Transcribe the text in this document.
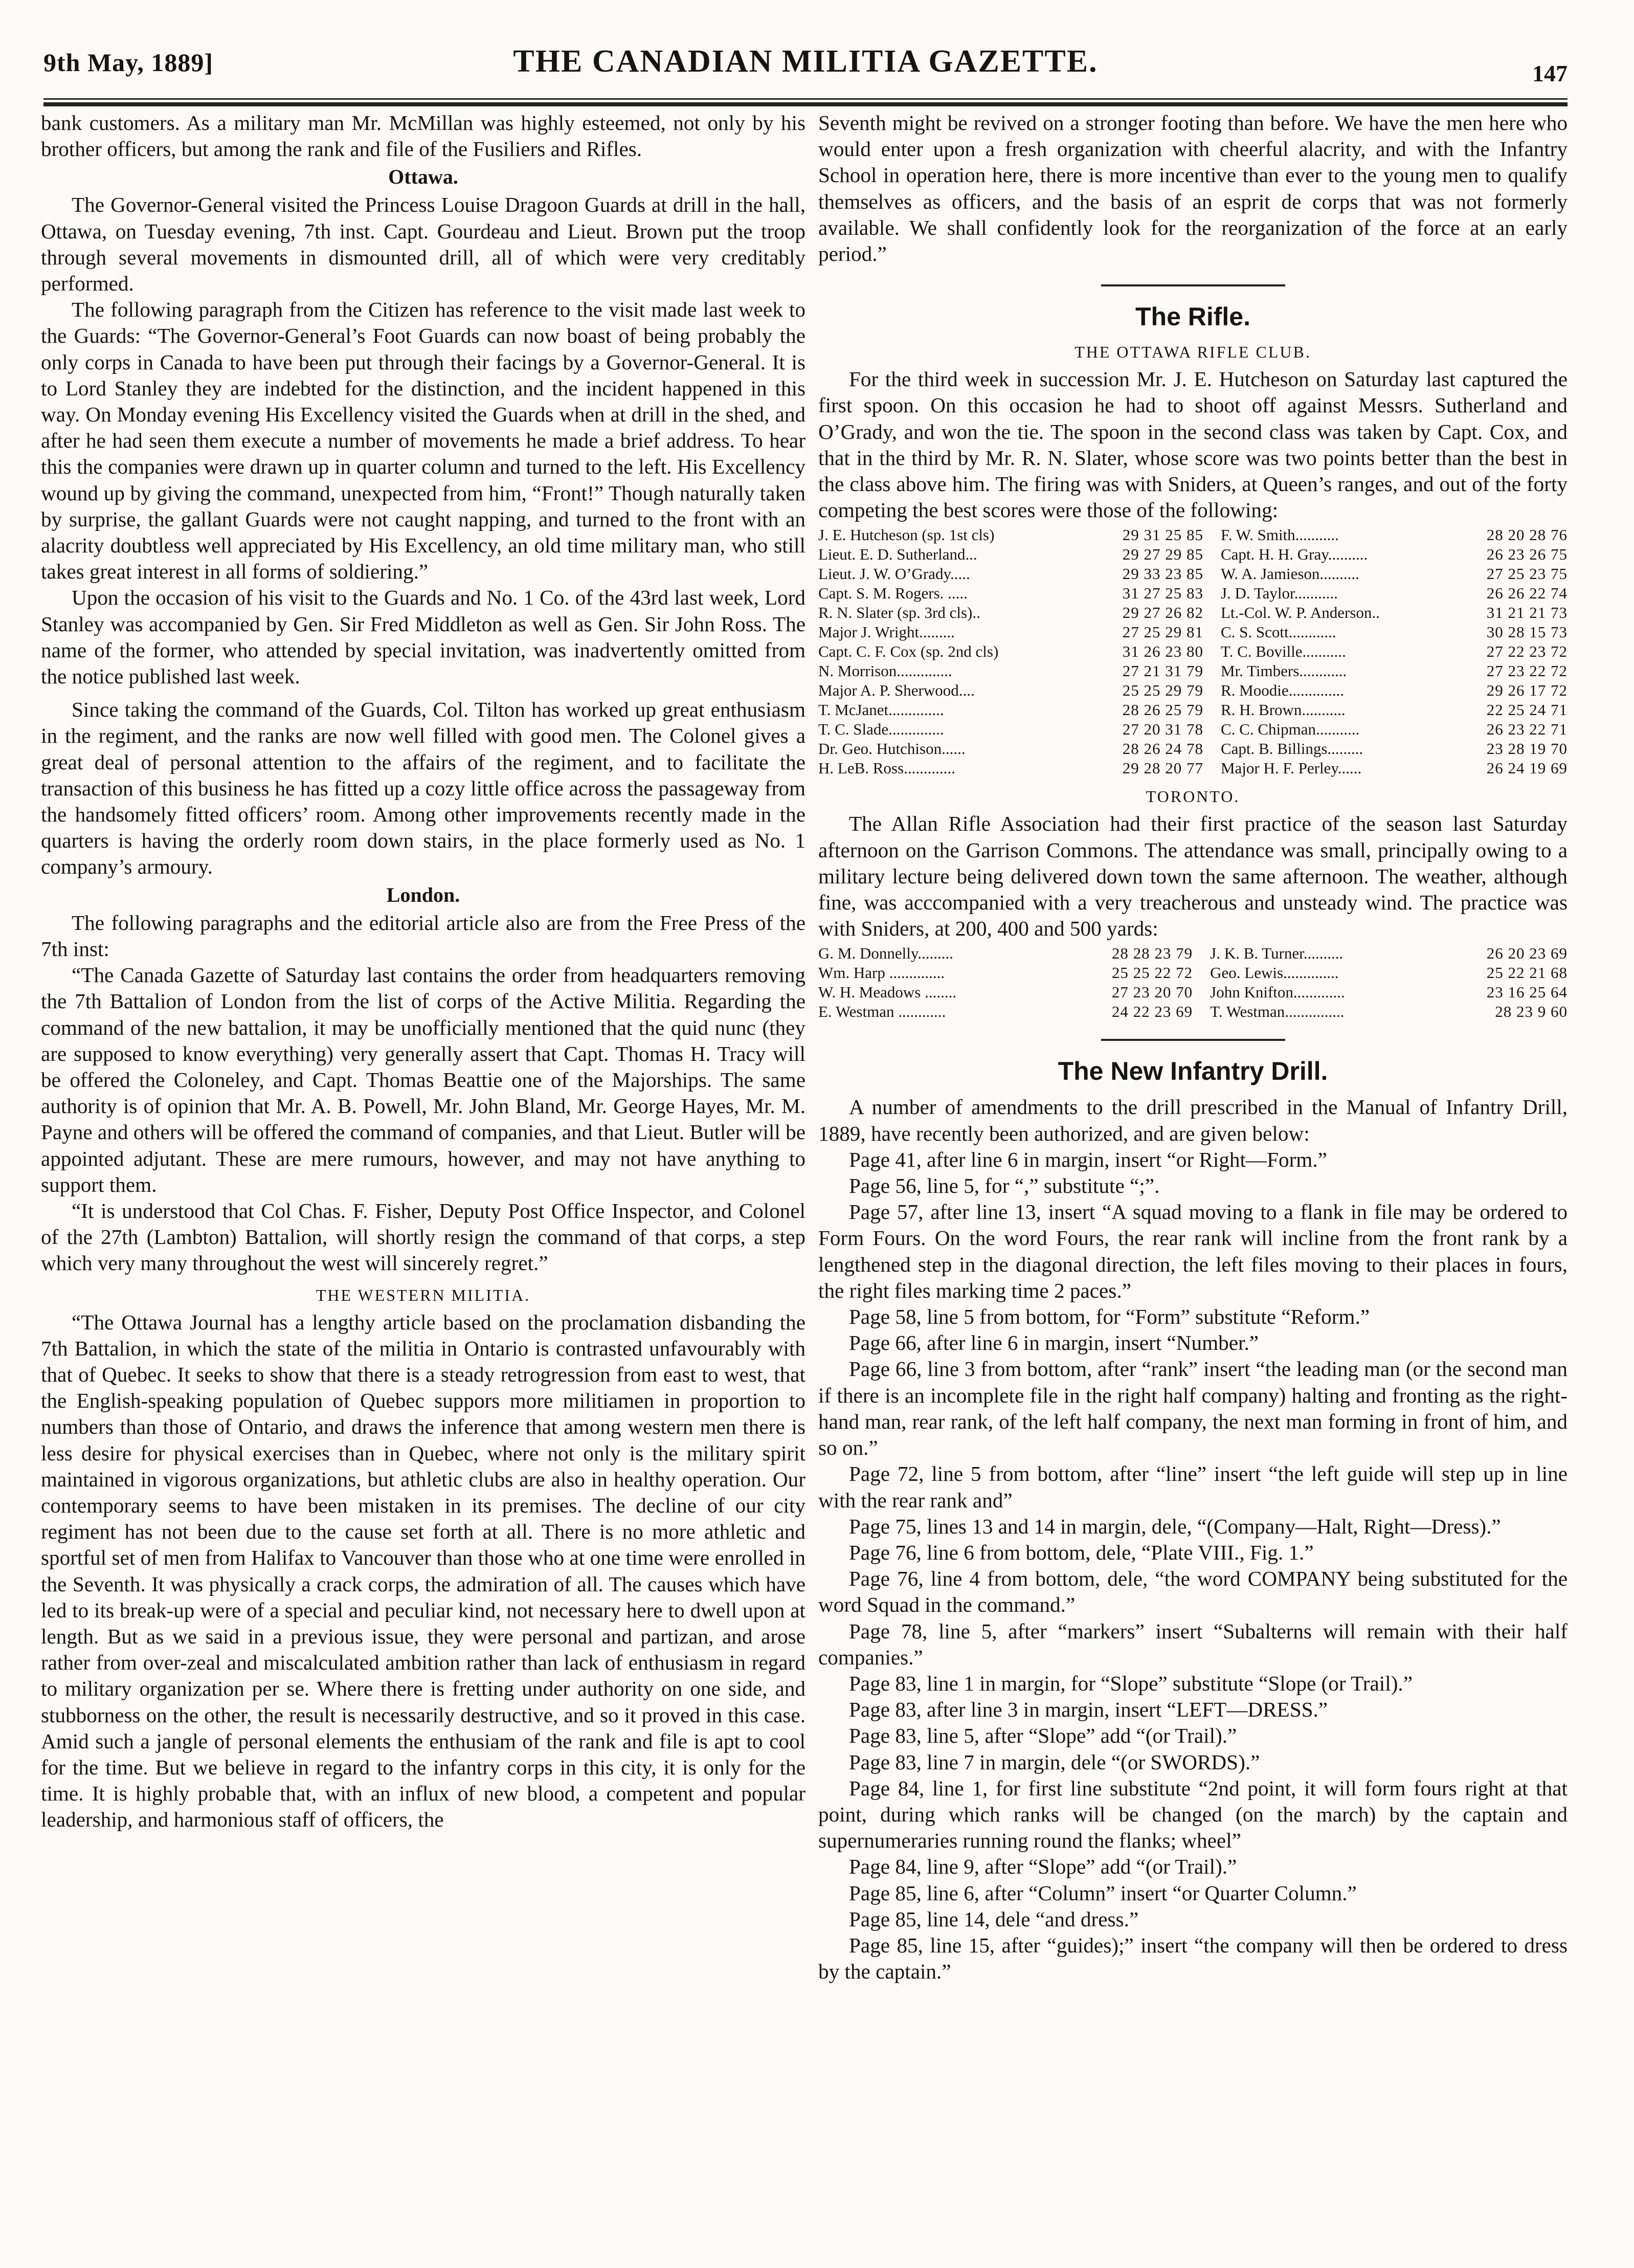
9th May, 1889]	THE CANADIAN MILITIA GAZETTE.	147

bank customers. As a military man Mr. McMillan was highly esteemed, not only by his brother officers, but among the rank and file of the Fusiliers and Rifles.

Ottawa.

The Governor-General visited the Princess Louise Dragoon Guards at drill in the hall, Ottawa, on Tuesday evening, 7th inst. Capt. Gourdeau and Lieut. Brown put the troop through several movements in dismounted drill, all of which were very creditably performed.

The following paragraph from the Citizen has reference to the visit made last week to the Guards: “The Governor-General’s Foot Guards can now boast of being probably the only corps in Canada to have been put through their facings by a Governor-General. It is to Lord Stanley they are indebted for the distinction, and the incident happened in this way. On Monday evening His Excellency visited the Guards when at drill in the shed, and after he had seen them execute a number of movements he made a brief address. To hear this the companies were drawn up in quarter column and turned to the left. His Excellency wound up by giving the command, unexpected from him, “Front!” Though naturally taken by surprise, the gallant Guards were not caught napping, and turned to the front with an alacrity doubtless well appreciated by His Excellency, an old time military man, who still takes great interest in all forms of soldiering.”

Upon the occasion of his visit to the Guards and No. 1 Co. of the 43rd last week, Lord Stanley was accompanied by Gen. Sir Fred Middleton as well as Gen. Sir John Ross. The name of the former, who attended by special invitation, was inadvertently omitted from the notice published last week.

Since taking the command of the Guards, Col. Tilton has worked up great enthusiasm in the regiment, and the ranks are now well filled with good men. The Colonel gives a great deal of personal attention to the affairs of the regiment, and to facilitate the transaction of this business he has fitted up a cozy little office across the passageway from the handsomely fitted officers’ room. Among other improvements recently made in the quarters is having the orderly room down stairs, in the place formerly used as No. 1 company’s armoury.

London.

The following paragraphs and the editorial article also are from the Free Press of the 7th inst:

“The Canada Gazette of Saturday last contains the order from headquarters removing the 7th Battalion of London from the list of corps of the Active Militia. Regarding the command of the new battalion, it may be unofficially mentioned that the quid nunc (they are supposed to know everything) very generally assert that Capt. Thomas H. Tracy will be offered the Coloneley, and Capt. Thomas Beattie one of the Majorships. The same authority is of opinion that Mr. A. B. Powell, Mr. John Bland, Mr. George Hayes, Mr. M. Payne and others will be offered the command of companies, and that Lieut. Butler will be appointed adjutant. These are mere rumours, however, and may not have anything to support them.

“It is understood that Col Chas. F. Fisher, Deputy Post Office Inspector, and Colonel of the 27th (Lambton) Battalion, will shortly resign the command of that corps, a step which very many throughout the west will sincerely regret.”

THE WESTERN MILITIA.

“The Ottawa Journal has a lengthy article based on the proclamation disbanding the 7th Battalion, in which the state of the militia in Ontario is contrasted unfavourably with that of Quebec. It seeks to show that there is a steady retrogression from east to west, that the English-speaking population of Quebec suppors more militiamen in proportion to numbers than those of Ontario, and draws the inference that among western men there is less desire for physical exercises than in Quebec, where not only is the military spirit maintained in vigorous organizations, but athletic clubs are also in healthy operation. Our contemporary seems to have been mistaken in its premises. The decline of our city regiment has not been due to the cause set forth at all. There is no more athletic and sportful set of men from Halifax to Vancouver than those who at one time were enrolled in the Seventh. It was physically a crack corps, the admiration of all. The causes which have led to its break-up were of a special and peculiar kind, not necessary here to dwell upon at length. But as we said in a previous issue, they were personal and partizan, and arose rather from over-zeal and miscalculated ambition rather than lack of enthusiasm in regard to military organization per se. Where there is fretting under authority on one side, and stubborness on the other, the result is necessarily destructive, and so it proved in this case. Amid such a jangle of personal elements the enthusiam of the rank and file is apt to cool for the time. But we believe in regard to the infantry corps in this city, it is only for the time. It is highly probable that, with an influx of new blood, a competent and popular leadership, and harmonious staff of officers, the

Seventh might be revived on a stronger footing than before. We have the men here who would enter upon a fresh organization with cheerful alacrity, and with the Infantry School in operation here, there is more incentive than ever to the young men to qualify themselves as officers, and the basis of an esprit de corps that was not formerly available. We shall confidently look for the reorganization of the force at an early period.”

The Rifle.
THE OTTAWA RIFLE CLUB.

For the third week in succession Mr. J. E. Hutcheson on Saturday last captured the first spoon. On this occasion he had to shoot off against Messrs. Sutherland and O’Grady, and won the tie. The spoon in the second class was taken by Capt. Cox, and that in the third by Mr. R. N. Slater, whose score was two points better than the best in the class above him. The firing was with Sniders, at Queen’s ranges, and out of the forty competing the best scores were those of the following:

J. E. Hutcheson (sp. 1st cls)	29 31 25 85	F. W. Smith...........	28 20 28 76
Lieut. E. D. Sutherland...	29 27 29 85	Capt. H. H. Gray..........	26 23 26 75
Lieut. J. W. O’Grady.....	29 33 23 85	W. A. Jamieson..........	27 25 23 75
Capt. S. M. Rogers. .....	31 27 25 83	J. D. Taylor...........	26 26 22 74
R. N. Slater (sp. 3rd cls)..	29 27 26 82	Lt.-Col. W. P. Anderson..	31 21 21 73
Major J. Wright.........	27 25 29 81	C. S. Scott............	30 28 15 73
Capt. C. F. Cox (sp. 2nd cls)	31 26 23 80	T. C. Boville...........	27 22 23 72
N. Morrison..............	27 21 31 79	Mr. Timbers............	27 23 22 72
Major A. P. Sherwood....	25 25 29 79	R. Moodie..............	29 26 17 72
T. McJanet..............	28 26 25 79	R. H. Brown...........	22 25 24 71
T. C. Slade..............	27 20 31 78	C. C. Chipman...........	26 23 22 71
Dr. Geo. Hutchison......	28 26 24 78	Capt. B. Billings.........	23 28 19 70
H. LeB. Ross.............	29 28 20 77	Major H. F. Perley......	26 24 19 69
TORONTO.

The Allan Rifle Association had their first practice of the season last Saturday afternoon on the Garrison Commons. The attendance was small, principally owing to a military lecture being delivered down town the same afternoon. The weather, although fine, was acccompanied with a very treacherous and unsteady wind. The practice was with Sniders, at 200, 400 and 500 yards:

G. M. Donnelly.........	28 28 23 79	J. K. B. Turner..........	26 20 23 69
Wm. Harp ..............	25 25 22 72	Geo. Lewis..............	25 22 21 68
W. H. Meadows ........	27 23 20 70	John Knifton.............	23 16 25 64
E. Westman ............	24 22 23 69	T. Westman...............	28 23 9 60
The New Infantry Drill.

A number of amendments to the drill prescribed in the Manual of Infantry Drill, 1889, have recently been authorized, and are given below:

Page 41, after line 6 in margin, insert “or Right—Form.”

Page 56, line 5, for “,” substitute “;”.

Page 57, after line 13, insert “A squad moving to a flank in file may be ordered to Form Fours. On the word Fours, the rear rank will incline from the front rank by a lengthened step in the diagonal direction, the left files moving to their places in fours, the right files marking time 2 paces.”

Page 58, line 5 from bottom, for “Form” substitute “Reform.”

Page 66, after line 6 in margin, insert “Number.”

Page 66, line 3 from bottom, after “rank” insert “the leading man (or the second man if there is an incomplete file in the right half company) halting and fronting as the right-hand man, rear rank, of the left half company, the next man forming in front of him, and so on.”

Page 72, line 5 from bottom, after “line” insert “the left guide will step up in line with the rear rank and”

Page 75, lines 13 and 14 in margin, dele, “(Company—Halt, Right—Dress).”

Page 76, line 6 from bottom, dele, “Plate VIII., Fig. 1.”

Page 76, line 4 from bottom, dele, “the word COMPANY being substituted for the word Squad in the command.”

Page 78, line 5, after “markers” insert “Subalterns will remain with their half companies.”

Page 83, line 1 in margin, for “Slope” substitute “Slope (or Trail).”

Page 83, after line 3 in margin, insert “LEFT—DRESS.”

Page 83, line 5, after “Slope” add “(or Trail).”

Page 83, line 7 in margin, dele “(or SWORDS).”

Page 84, line 1, for first line substitute “2nd point, it will form fours right at that point, during which ranks will be changed (on the march) by the captain and supernumeraries running round the flanks; wheel”

Page 84, line 9, after “Slope” add “(or Trail).”

Page 85, line 6, after “Column” insert “or Quarter Column.”

Page 85, line 14, dele “and dress.”

Page 85, line 15, after “guides);” insert “the company will then be ordered to dress by the captain.”
